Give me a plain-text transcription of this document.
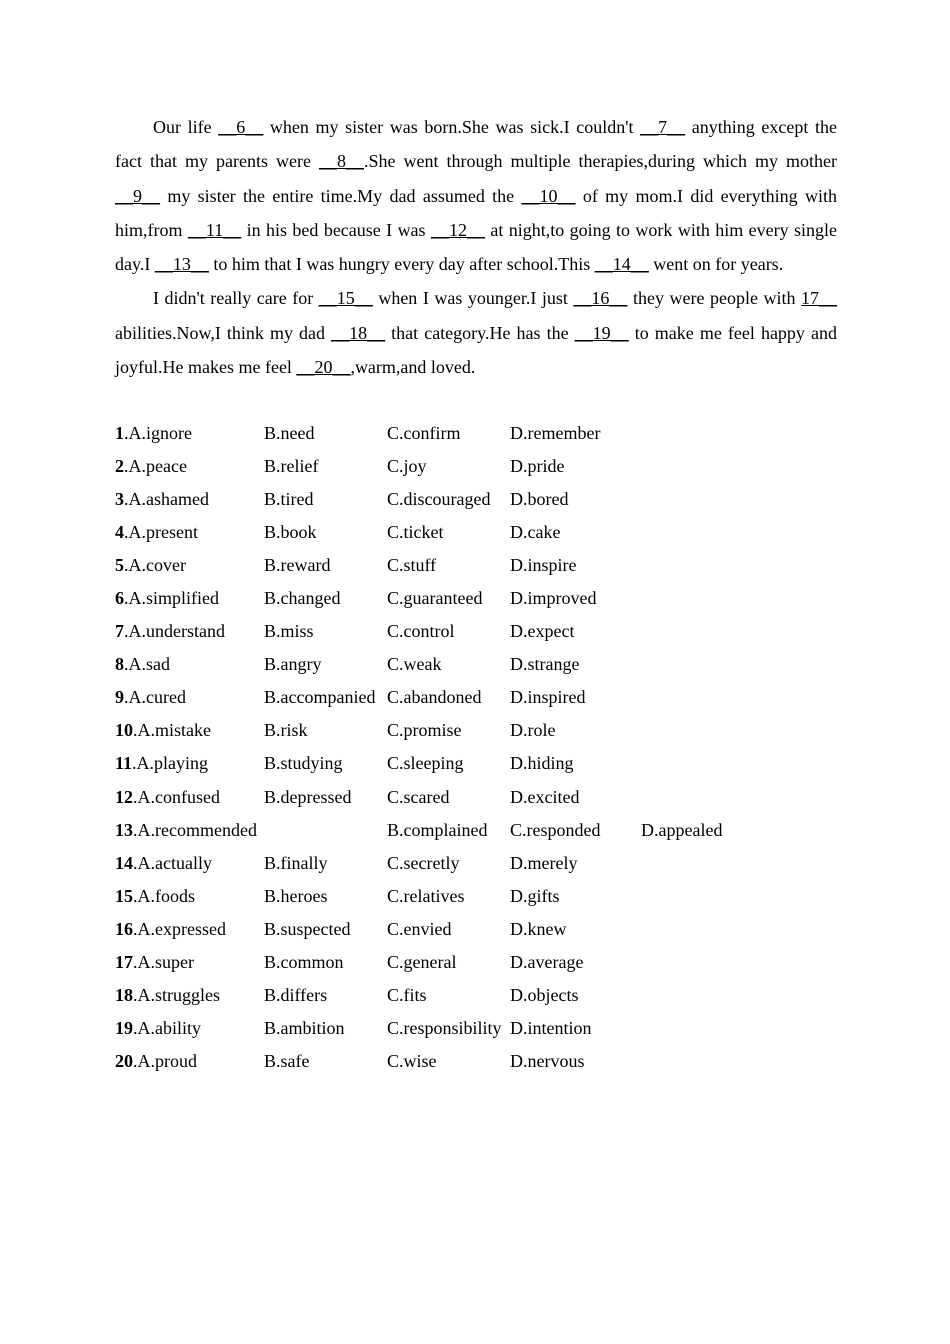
Our life __6__ when my sister was born.She was sick.I couldn't __7__ anything except the fact that my parents were __8__.She went through multiple therapies,during which my mother __9__ my sister the entire time.My dad assumed the __10__ of my mom.I did everything with him,from __11__ in his bed because I was __12__ at night,to going to work with him every single day.I __13__ to him that I was hungry every day after school.This __14__ went on for years.

I didn't really care for __15__ when I was younger.I just __16__ they were people with 17__ abilities.Now,I think my dad __18__ that category.He has the __19__ to make me feel happy and joyful.He makes me feel __20__,warm,and loved.

1.A.ignore	B.need	C.confirm	D.remember
2.A.peace	B.relief	C.joy	D.pride
3.A.ashamed	B.tired	C.discouraged D.bored
4.A.present	B.book	C.ticket	D.cake
5.A.cover	B.reward	C.stuff	D.inspire
6.A.simplified	B.changed	C.guaranteed D.improved
7.A.understand B.miss	C.control	D.expect
8.A.sad	B.angry	C.weak	D.strange
9.A.cured	B.accompanied C.abandoned D.inspired
10.A.mistake	B.risk	C.promise	D.role
11.A.playing	B.studying C.sleeping	D.hiding
12.A.confused B.depressed C.scared	D.excited
13.A.recommended	B.complained C.responded D.appealed
14.A.actually	B.finally	C.secretly	D.merely
15.A.foods	B.heroes	C.relatives	D.gifts
16.A.expressed B.suspected C.envied	D.knew
17.A.super	B.common C.general	D.average
18.A.struggles B.differs	C.fits	D.objects
19.A.ability	B.ambition C.responsibility D.intention
20.A.proud	B.safe	C.wise	D.nervous
